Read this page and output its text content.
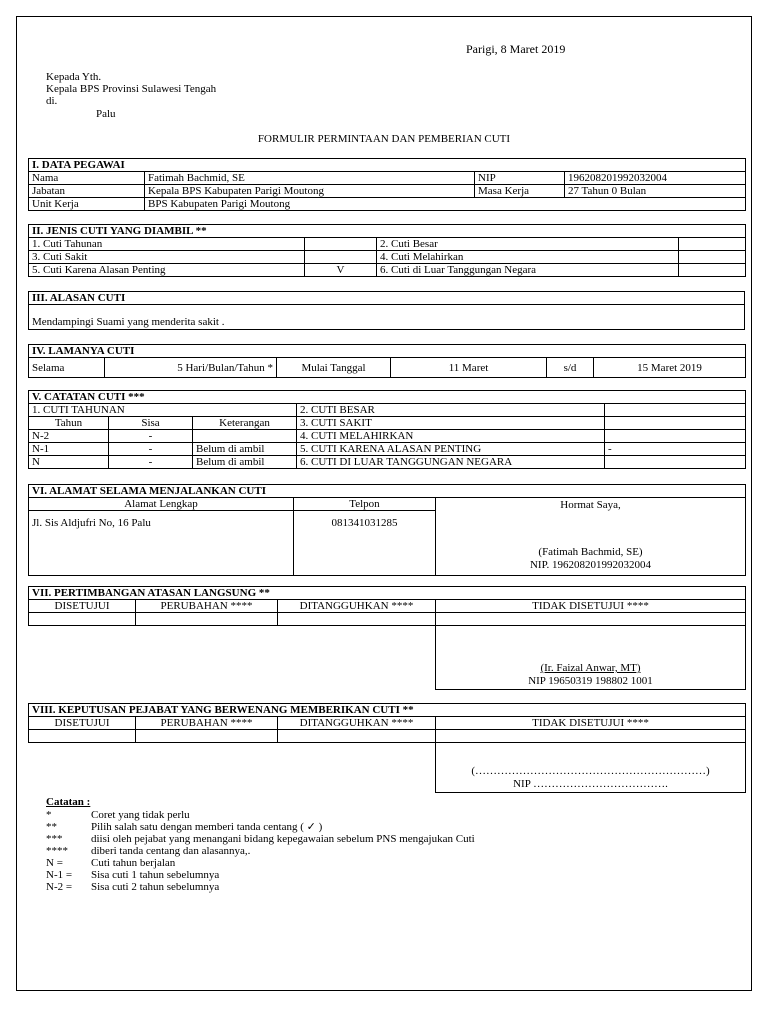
Parigi, 8 Maret 2019
Kepada Yth.
Kepala BPS Provinsi Sulawesi Tengah
di.
Palu
FORMULIR PERMINTAAN DAN PEMBERIAN CUTI
I. DATA PEGAWAI			
Nama	Fatimah Bachmid, SE	NIP	196208201992032004
Jabatan	Kepala BPS Kabupaten Parigi Moutong	Masa Kerja	27 Tahun 0 Bulan
Unit Kerja	BPS Kabupaten Parigi Moutong		
II. JENIS CUTI YANG DIAMBIL **			
1. Cuti Tahunan		2. Cuti Besar	
3. Cuti Sakit		4. Cuti Melahirkan	
5. Cuti Karena Alasan Penting	V	6. Cuti di Luar Tanggungan Negara	
III. ALASAN CUTI
Mendampingi Suami yang menderita sakit .
IV. LAMANYA CUTI
Selama	5 Hari/Bulan/Tahun *	Mulai Tanggal	11 Maret	s/d	15 Maret 2019
V. CATATAN CUTI ***				
1. CUTI TAHUNAN			2. CUTI BESAR	
Tahun	Sisa	Keterangan	3. CUTI SAKIT	
N-2	-		4. CUTI MELAHIRKAN	
N-1	-	Belum di ambil	5. CUTI KARENA ALASAN PENTING	-
N	-	Belum di ambil	6. CUTI DI LUAR TANGGUNGAN NEGARA	
VI. ALAMAT SELAMA MENJALANKAN CUTI		
Alamat Lengkap	Telpon	Hormat Saya,
(Fatimah Bachmid, SE)
NIP. 196208201992032004

Jl. Sis Aldjufri No, 16 Palu	081341031285	
VII. PERTIMBANGAN ATASAN LANGSUNG **			
DISETUJUI	PERUBAHAN ****	DITANGGUHKAN ****	TIDAK DISETUJUI ****

			(Ir. Faizal Anwar, MT)
NIP 19650319 198802 1001
VIII. KEPUTUSAN PEJABAT YANG BERWENANG MEMBERIKAN CUTI **			
DISETUJUI	PERUBAHAN ****	DITANGGUHKAN ****	TIDAK DISETUJUI ****

			(………………………………………………………)
NIP ……………………………….
Catatan :
*	Coret yang tidak perlu
**	Pilih salah satu dengan memberi tanda centang ( ✓ )
***	diisi oleh pejabat yang menangani bidang kepegawaian sebelum PNS mengajukan Cuti
**** diberi tanda centang dan alasannya,.
N =	Cuti tahun berjalan
N-1 = Sisa cuti 1 tahun sebelumnya
N-2 = Sisa cuti 2 tahun sebelumnya
